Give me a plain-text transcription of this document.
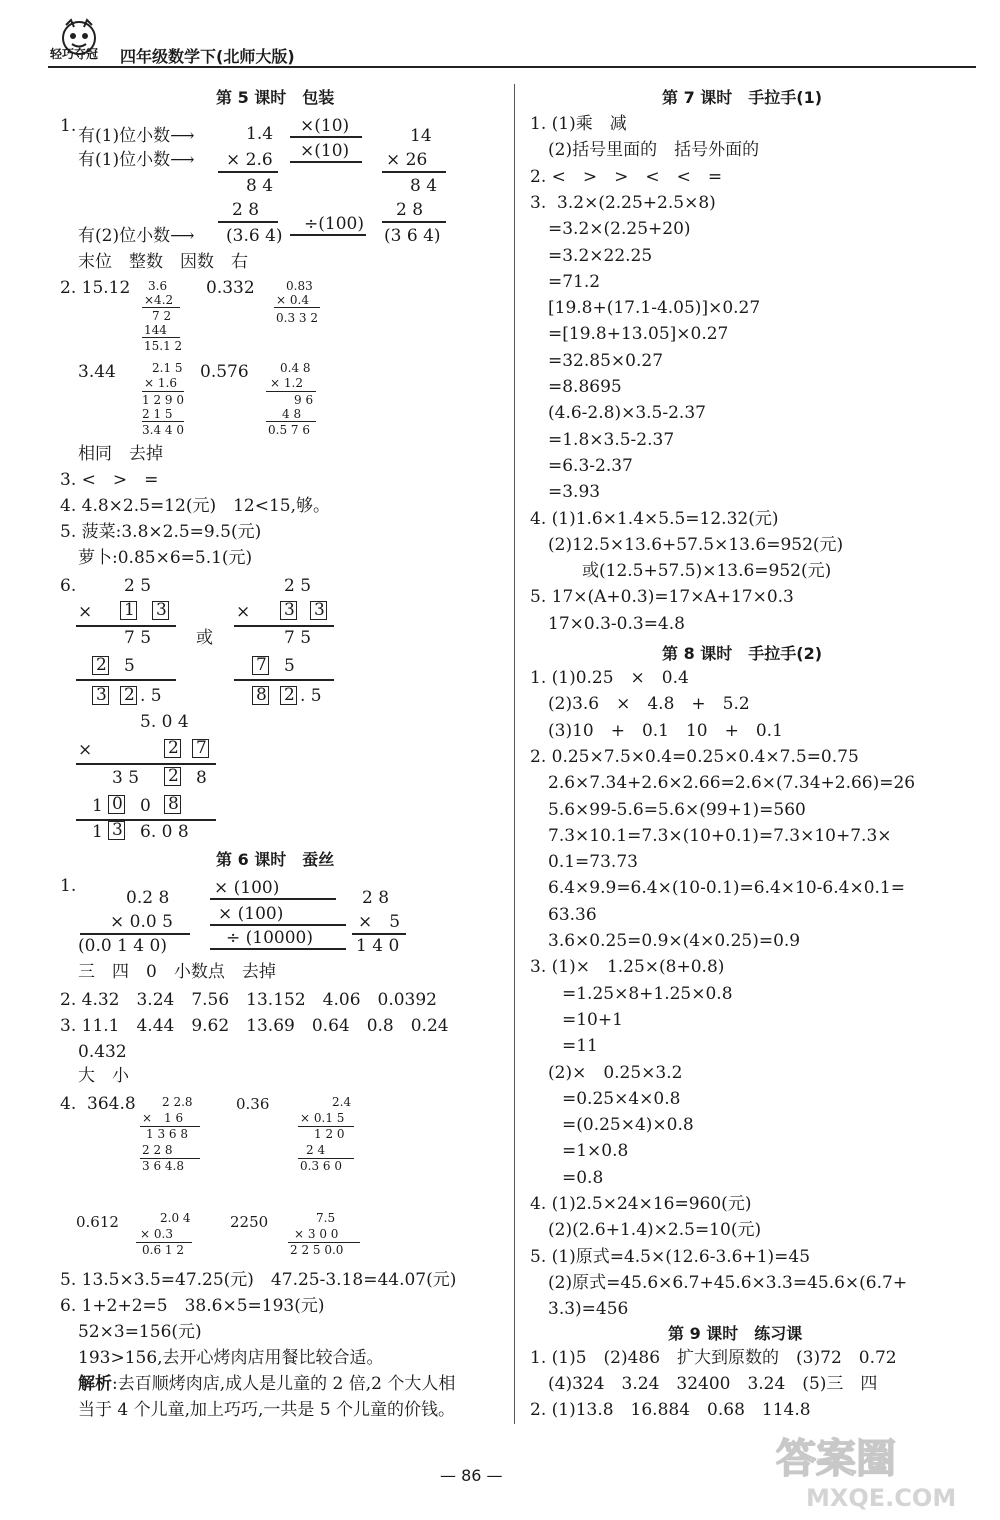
轻巧夺冠 四年级数学下(北师大版)
第 5 课时　包装
1. 有(1)位小数⟶	1.4 ×(10)	14
有(1)位小数⟶ × 2.6 ×(10) × 26
8 4	8 4
2 8	2 8
有(2)位小数⟶ (3.6 4)
÷(100)
(3 6 4)
末位　整数　因数　右
2. 15.12 3.6
×4.2
7 2
144
15.1 2
0.332	0.83
× 0.4
0.3 3 2
3.44	2.1 5
× 1.6
1 2 9 0
2 1 5
3.4 4 0
0.576	0.4 8
× 1.2
9 6
4 8
0.5 7 6
相同　去掉
3. <　>　=
4. 4.8×2.5=12(元)　12<15,够。
5. 菠菜:3.8×2.5=9.5(元)
萝卜:0.85×6=5.1(元)
6.	2 5
× 1 3
7 5
2 5
3 2 . 5
或
2 5
× 3 3
7 5
7 5
8 2 . 5
5. 0 4
×	2 7
3 5 2 8
1 0 0 8
1 3 6. 0 8
第 6 课时　蚕丝
1.
0.2 8	× (100)	2 8
× 0.0 5	× (100)	×　5
(0.0 1 4 0)	÷ (10000)	1 4 0
三　四　0　小数点　去掉
2. 4.32　3.24　7.56　13.152　4.06　0.0392
3. 11.1　4.44　9.62　13.69　0.64　0.8　0.24
0.432
大　小
4.  364.8 2 2.8
×　1 6
1 3 6 8
2 2 8
3 6 4.8
0.36	2.4
× 0.1 5
1 2 0
2 4
0.3 6 0
0.612	2.0 4
× 0.3
0.6 1 2
2250	7.5
× 3 0 0
2 2 5 0.0
5. 13.5×3.5=47.25(元)　47.25-3.18=44.07(元)
6. 1+2+2=5　38.6×5=193(元)
52×3=156(元)
193>156,去开心烤肉店用餐比较合适。
解析:去百顺烤肉店,成人是儿童的 2 倍,2 个大人相
当于 4 个儿童,加上巧巧,一共是 5 个儿童的价钱。
第 7 课时　手拉手(1)
1. (1)乘　减
(2)括号里面的　括号外面的
2. <　>　>　<　<　=
3.  3.2×(2.25+2.5×8)
=3.2×(2.25+20)
=3.2×22.25
=71.2
[19.8+(17.1-4.05)]×0.27
=[19.8+13.05]×0.27
=32.85×0.27
=8.8695
(4.6-2.8)×3.5-2.37
=1.8×3.5-2.37
=6.3-2.37
=3.93
4. (1)1.6×1.4×5.5=12.32(元)
(2)12.5×13.6+57.5×13.6=952(元)
或(12.5+57.5)×13.6=952(元)
5. 17×(A+0.3)=17×A+17×0.3
17×0.3-0.3=4.8
第 8 课时　手拉手(2)
1. (1)0.25　×　0.4
(2)3.6　×　4.8　+　5.2
(3)10　+　0.1　10　+　0.1
2. 0.25×7.5×0.4=0.25×0.4×7.5=0.75
2.6×7.34+2.6×2.66=2.6×(7.34+2.66)=26
5.6×99-5.6=5.6×(99+1)=560
7.3×10.1=7.3×(10+0.1)=7.3×10+7.3×
0.1=73.73
6.4×9.9=6.4×(10-0.1)=6.4×10-6.4×0.1=
63.36
3.6×0.25=0.9×(4×0.25)=0.9
3. (1)×　1.25×(8+0.8)
=1.25×8+1.25×0.8
=10+1
=11
(2)×　0.25×3.2
=0.25×4×0.8
=(0.25×4)×0.8
=1×0.8
=0.8
4. (1)2.5×24×16=960(元)
(2)(2.6+1.4)×2.5=10(元)
5. (1)原式=4.5×(12.6-3.6+1)=45
(2)原式=45.6×6.7+45.6×3.3=45.6×(6.7+
3.3)=456
第 9 课时　练习课
1. (1)5　(2)486　扩大到原数的　(3)72　0.72
(4)324　3.24　32400　3.24　(5)三　四
2. (1)13.8　16.884　0.68　114.8
— 86 —	答案圈
MXQE.COM
